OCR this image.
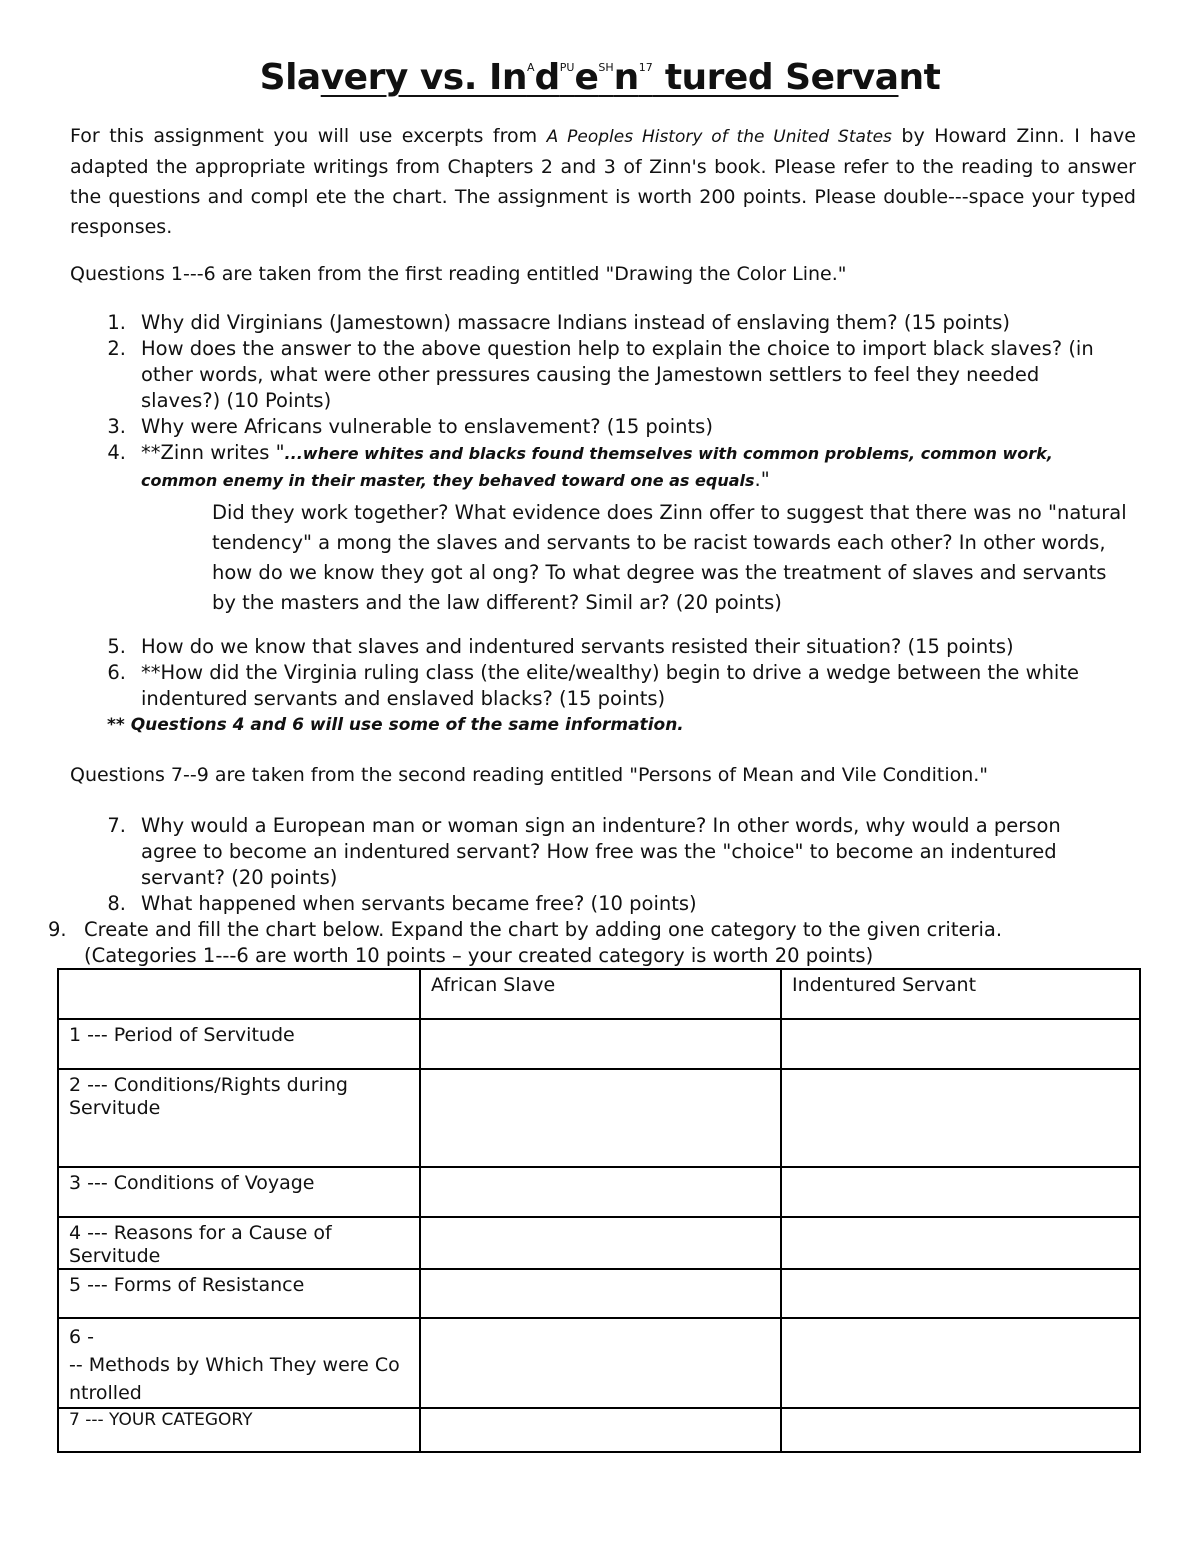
Slavery vs. $In^Ad^{PU}e^{SH}n^{17}$ tured Servant
For this assignment you will use excerpts from A Peoples History of the United States by Howard Zinn. I have adapted the appropriate writings from Chapters 2 and 3 of Zinn's book. Please refer to the reading to answer the questions and compl ete the chart. The assignment is worth 200 points. Please double---space your typed responses.
Questions 1---6 are taken from the first reading entitled "Drawing the Color Line."
1. Why did Virginians (Jamestown) massacre Indians instead of enslaving them? (15 points)
2. How does the answer to the above question help to explain the choice to import black slaves? (in other words, what were other pressures causing the Jamestown settlers to feel they needed slaves?) (10 Points)
3. Why were Africans vulnerable to enslavement? (15 points)
4. **Zinn writes "...where whites and blacks found themselves with common problems, common work, common enemy in their master, they behaved toward one as equals."
Did they work together? What evidence does Zinn offer to suggest that there was no "natural tendency" a mong the slaves and servants to be racist towards each other? In other words, how do we know they got al ong? To what degree was the treatment of slaves and servants by the masters and the law different? Simil ar? (20 points)
5. How do we know that slaves and indentured servants resisted their situation? (15 points)
6. **How did the Virginia ruling class (the elite/wealthy) begin to drive a wedge between the white indentured servants and enslaved blacks? (15 points)
** Questions 4 and 6 will use some of the same information.
Questions 7--9 are taken from the second reading entitled "Persons of Mean and Vile Condition."
7. Why would a European man or woman sign an indenture? In other words, why would a person agree to become an indentured servant? How free was the "choice" to become an indentured servant? (20 points)
8. What happened when servants became free? (10 points)
9. Create and fill the chart below. Expand the chart by adding one category to the given criteria.
(Categories 1---6 are worth 10 points – your created category is worth 20 points)
	African Slave	Indentured Servant
1 --- Period of Servitude		
2 --- Conditions/Rights during Servitude		
3 --- Conditions of Voyage		
4 --- Reasons for a Cause of Servitude		
5 --- Forms of Resistance		
6 -
-- Methods by Which They were Co ntrolled		
7 --- YOUR CATEGORY		
